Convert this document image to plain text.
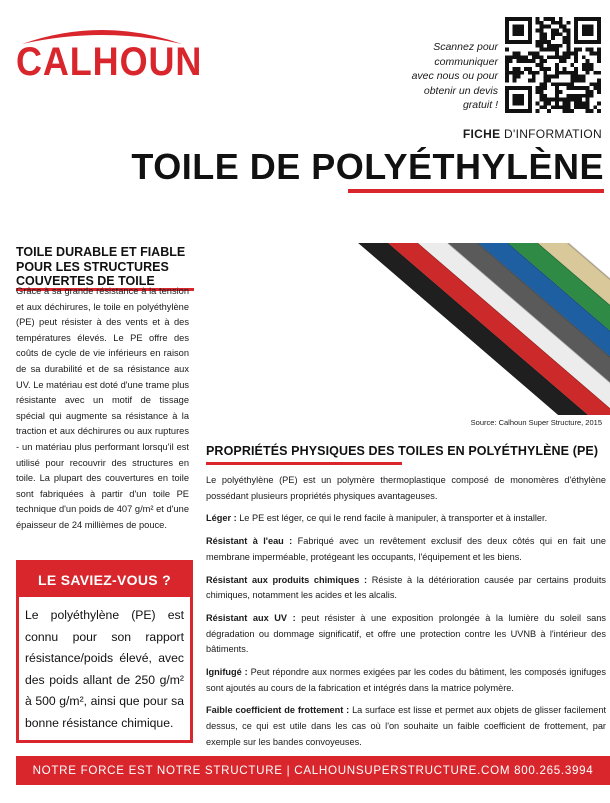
CALHOUN	Scannez pour
communiquer
avec nous ou pour
obtenir un devis
gratuit !
FICHE D'INFORMATION
TOILE DE POLYÉTHYLÈNE
TOILE DURABLE ET FIABLE
POUR LES STRUCTURES
COUVERTES DE TOILE

Grâce à sa grande résistance à la tension et aux déchirures, le toile en polyéthylène (PE) peut résister à des vents et à des températures élevés. Le PE offre des coûts de cycle de vie inférieurs en raison de sa durabilité et de sa résistance aux UV. Le matériau est doté d'une trame plus résistante avec un motif de tissage spécial qui augmente sa résistance à la traction et aux déchirures ou aux ruptures - un matériau plus performant lorsqu'il est utilisé pour recouvrir des structures en toile. La plupart des couvertures en toile sont fabriquées à partir d'un toile PE technique d'un poids de 407 g/m² et d'une épaisseur de 24 millièmes de pouce.

LE SAVIEZ-VOUS ?

Le polyéthylène (PE) est connu pour son rapport résistance/poids élevé, avec des poids allant de 250 g/m² à 500 g/m², ainsi que pour sa bonne résistance chimique.

Source: Calhoun Super Structure, 2015
PROPRIÉTÉS PHYSIQUES DES TOILES EN POLYÉTHYLÈNE (PE)

Le polyéthylène (PE) est un polymère thermoplastique composé de monomères d'éthylène possédant plusieurs propriétés physiques avantageuses.

Léger : Le PE est léger, ce qui le rend facile à manipuler, à transporter et à installer.

Résistant à l'eau : Fabriqué avec un revêtement exclusif des deux côtés qui en fait une membrane imperméable, protégeant les occupants, l'équipement et les biens.

Résistant aux produits chimiques : Résiste à la détérioration causée par certains produits chimiques, notamment les acides et les alcalis.

Résistant aux UV : peut résister à une exposition prolongée à la lumière du soleil sans dégradation ou dommage significatif, et offre une protection contre les UVNB à l'intérieur des bâtiments.

Ignifugé : Peut répondre aux normes exigées par les codes du bâtiment, les composés ignifuges sont ajoutés au cours de la fabrication et intégrés dans la matrice polymère.

Faible coefficient de frottement : La surface est lisse et permet aux objets de glisser facilement dessus, ce qui est utile dans les cas où l'on souhaite un faible coefficient de frottement, par exemple sur les bandes convoyeuses.

NOTRE FORCE EST NOTRE STRUCTURE | CALHOUNSUPERSTRUCTURE.COM 800.265.3994
